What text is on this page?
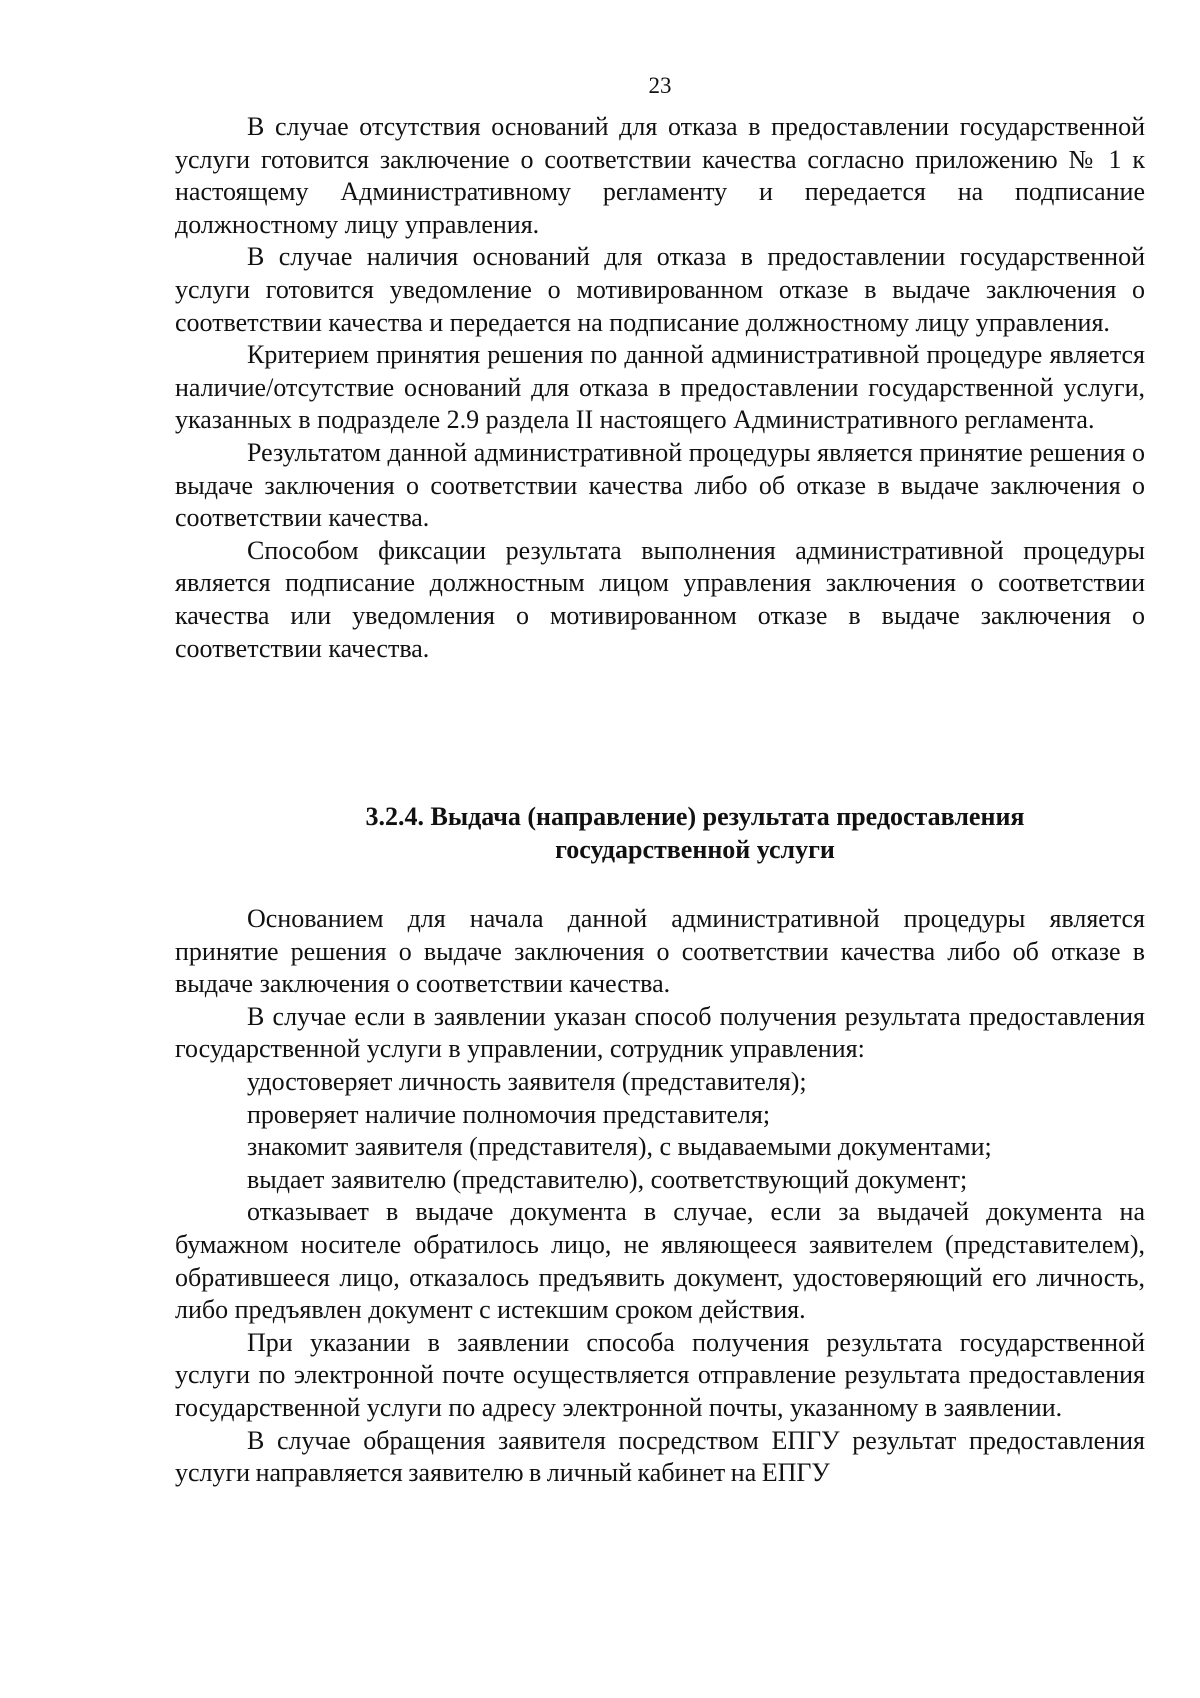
23

В случае отсутствия оснований для отказа в предоставлении государственной услуги готовится заключение о соответствии качества согласно приложению № 1 к настоящему Административному регламенту и передается на подписание должностному лицу управления.

В случае наличия оснований для отказа в предоставлении государственной услуги готовится уведомление о мотивированном отказе в выдаче заключения о соответствии качества и передается на подписание должностному лицу управления.

Критерием принятия решения по данной административной процедуре является наличие/отсутствие оснований для отказа в предоставлении государственной услуги, указанных в подразделе 2.9 раздела II настоящего Административного регламента.

Результатом данной административной процедуры является принятие решения о выдаче заключения о соответствии качества либо об отказе в выдаче заключения о соответствии качества.

Способом фиксации результата выполнения административной процедуры является подписание должностным лицом управления заключения о соответствии качества или уведомления о мотивированном отказе в выдаче заключения о соответствии качества.

3.2.4. Выдача (направление) результата предоставления
государственной услуги

Основанием для начала данной административной процедуры является принятие решения о выдаче заключения о соответствии качества либо об отказе в выдаче заключения о соответствии качества.

В случае если в заявлении указан способ получения результата предоставления государственной услуги в управлении, сотрудник управления:

удостоверяет личность заявителя (представителя);

проверяет наличие полномочия представителя;

знакомит заявителя (представителя), с выдаваемыми документами;

выдает заявителю (представителю), соответствующий документ;

отказывает в выдаче документа в случае, если за выдачей документа на бумажном носителе обратилось лицо, не являющееся заявителем (представителем), обратившееся лицо, отказалось предъявить документ, удостоверяющий его личность, либо предъявлен документ с истекшим сроком действия.

При указании в заявлении способа получения результата государственной услуги по электронной почте осуществляется отправление результата предоставления государственной услуги по адресу электронной почты, указанному в заявлении.

В случае обращения заявителя посредством ЕПГУ результат предоставления услуги направляется заявителю в личный кабинет на ЕПГУ
